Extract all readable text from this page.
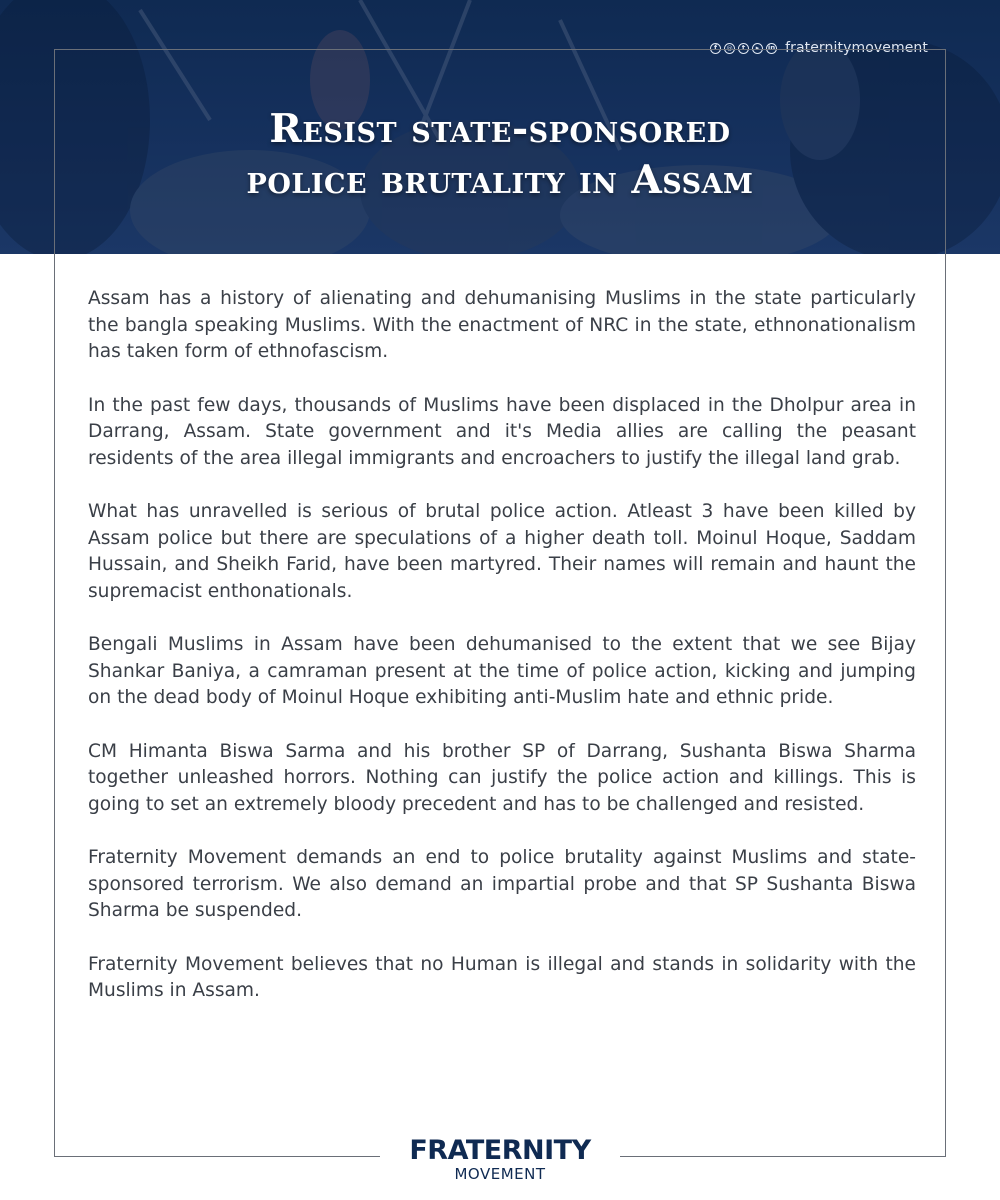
f	◎	t	▸	in fraternitymovement
Resist state-sponsored
police brutality in Assam

Assam has a history of alienating and dehumanising Muslims in the state particularly the bangla speaking Muslims. With the enactment of NRC in the state, ethnonationalism has taken form of ethnofascism.

In the past few days, thousands of Muslims have been displaced in the Dholpur area in Darrang, Assam. State government and it's Media allies are calling the peasant residents of the area illegal immigrants and encroachers to justify the illegal land grab.

What has unravelled is serious of brutal police action. Atleast 3 have been killed by Assam police but there are speculations of a higher death toll. Moinul Hoque, Saddam Hussain, and Sheikh Farid, have been martyred. Their names will remain and haunt the supremacist enthonationals.

Bengali Muslims in Assam have been dehumanised to the extent that we see Bijay Shankar Baniya, a camraman present at the time of police action, kicking and jumping on the dead body of Moinul Hoque exhibiting anti-Muslim hate and ethnic pride.

CM Himanta Biswa Sarma and his brother SP of Darrang, Sushanta Biswa Sharma together unleashed horrors. Nothing can justify the police action and killings. This is going to set an extremely bloody precedent and has to be challenged and resisted.

Fraternity Movement demands an end to police brutality against Muslims and state-sponsored terrorism. We also demand an impartial probe and that SP Sushanta Biswa Sharma be suspended.

Fraternity Movement believes that no Human is illegal and stands in solidarity with the Muslims in Assam.

FRATERNITY
MOVEMENT
